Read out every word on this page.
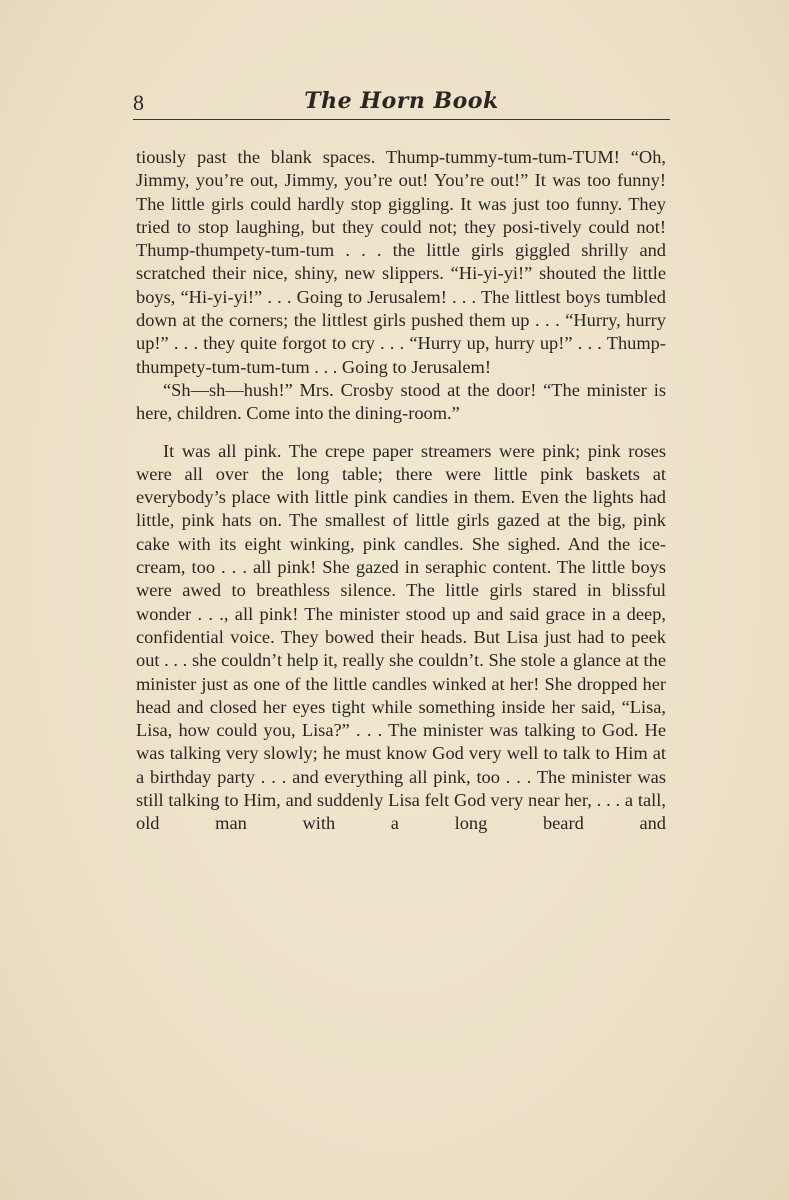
8	The Horn Book

tiously past the blank spaces. Thump-tummy-tum-tum-TUM! “Oh, Jimmy, you’re out, Jimmy, you’re out! You’re out!” It was too funny! The little girls could hardly stop giggling. It was just too funny. They tried to stop laughing, but they could not; they posi-tively could not! Thump-thumpety-tum-tum . . . the little girls giggled shrilly and scratched their nice, shiny, new slippers. “Hi-yi-yi!” shouted the little boys, “Hi-yi-yi!” . . . Going to Jerusalem! . . . The littlest boys tumbled down at the corners; the littlest girls pushed them up . . . “Hurry, hurry up!” . . . they quite forgot to cry . . . “Hurry up, hurry up!” . . . Thump-thumpety-tum-tum-tum . . . Going to Jerusalem!

“Sh—sh—hush!” Mrs. Crosby stood at the door! “The minister is here, children. Come into the dining-room.”

It was all pink. The crepe paper streamers were pink; pink roses were all over the long table; there were little pink baskets at everybody’s place with little pink candies in them. Even the lights had little, pink hats on. The smallest of little girls gazed at the big, pink cake with its eight winking, pink candles. She sighed. And the ice-cream, too . . . all pink! She gazed in seraphic content. The little boys were awed to breathless silence. The little girls stared in blissful wonder . . ., all pink! The minister stood up and said grace in a deep, confidential voice. They bowed their heads. But Lisa just had to peek out . . . she couldn’t help it, really she couldn’t. She stole a glance at the minister just as one of the little candles winked at her! She dropped her head and closed her eyes tight while something inside her said, “Lisa, Lisa, how could you, Lisa?” . . . The minister was talking to God. He was talking very slowly; he must know God very well to talk to Him at a birthday party . . . and everything all pink, too . . . The minister was still talking to Him, and suddenly Lisa felt God very near her, . . . a tall, old man with a long beard and
